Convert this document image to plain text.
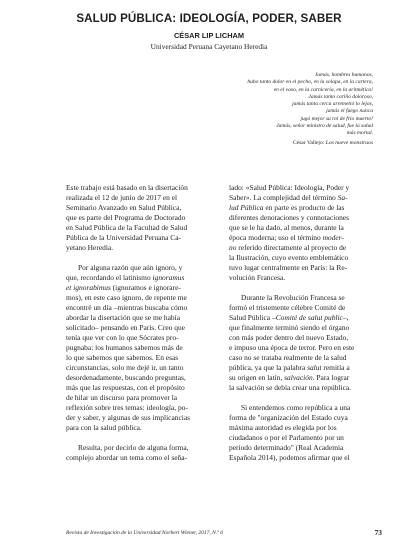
SALUD PÚBLICA: IDEOLOGÍA, PODER, SABER
CÉSAR LIP LICHAM
Universidad Peruana Cayetano Heredia
Jamás, hombres humanos,
hubo tanto dolor en el pecho, en la solapa, en la cartera,
en el vaso, en la carnicería, en la aritmética!
Jamás tanto cariño doloroso,
jamás tanta cerca arremetió lo lejos,
jamás el fuego nunca
jugó mejor su rol de frío muerto!
Jamás, señor ministro de salud, fue la salud
más mortal.
César Vallejo: Los nueve monstruos
Este trabajo está basado en la disertación
realizada el 12 de junio de 2017 en el
Seminario Avanzado en Salud Pública,
que es parte del Programa de Doctorado
en Salud Pública de la Facultad de Salud
Pública de la Universidad Peruana Ca-
yetano Heredia.
Por alguna razón que aún ignoro, y
que, recordando el latinismo ignoramus
et ignorabimus (ignoramos e ignorare-
mos), en este caso ignoro, de repente me
encontré un día –mientras buscaba cómo
abordar la disertación que se me había
solicitado– pensando en París. Creo que
tenía que ver con lo que Sócrates pro-
pugnaba: los humanos sabemos más de
lo que sabemos que sabemos. En esas
circunstancias, solo me dejé ir, un tanto
desordenadamente, buscando preguntas,
más que las respuestas, con el propósito
de hilar un discurso para promover la
reflexión sobre tres temas: ideología, po-
der y saber, y algunas de sus implicancias
para con la salud pública.
Resulta, por decirlo de alguna forma,
complejo abordar un tema como el seña-
lado: «Salud Pública: Ideología, Poder y
Saber». La complejidad del término Sa-
lud Pública en parte es producto de las
diferentes denotaciones y connotaciones
que se le ha dado, al menos, durante la
época moderna; uso el término moder-
no referido directamente al proyecto de
la Ilustración, cuyo evento emblemático
tuvo lugar centralmente en París: la Re-
volución Francesa.
Durante la Revolución Francesa se
formó el tristemente célebre Comité de
Salud Pública –Comité de salut public–,
que finalmente terminó siendo el órgano
con más poder dentro del nuevo Estado,
e impuso una época de terror. Pero en este
caso no se trataba realmente de la salud
pública, ya que la palabra salut remitía a
su origen en latín, salvación. Para lograr
la salvación se debía crear una república.
Si entendemos como república a una
forma de "organización del Estado cuya
máxima autoridad es elegida por los
ciudadanos o por el Parlamento por un
periodo determinado" (Real Academia
Española 2014), podemos afirmar que el
Revista de Investigación de la Universidad Norbert Wiener, 2017, N.º 6	73
